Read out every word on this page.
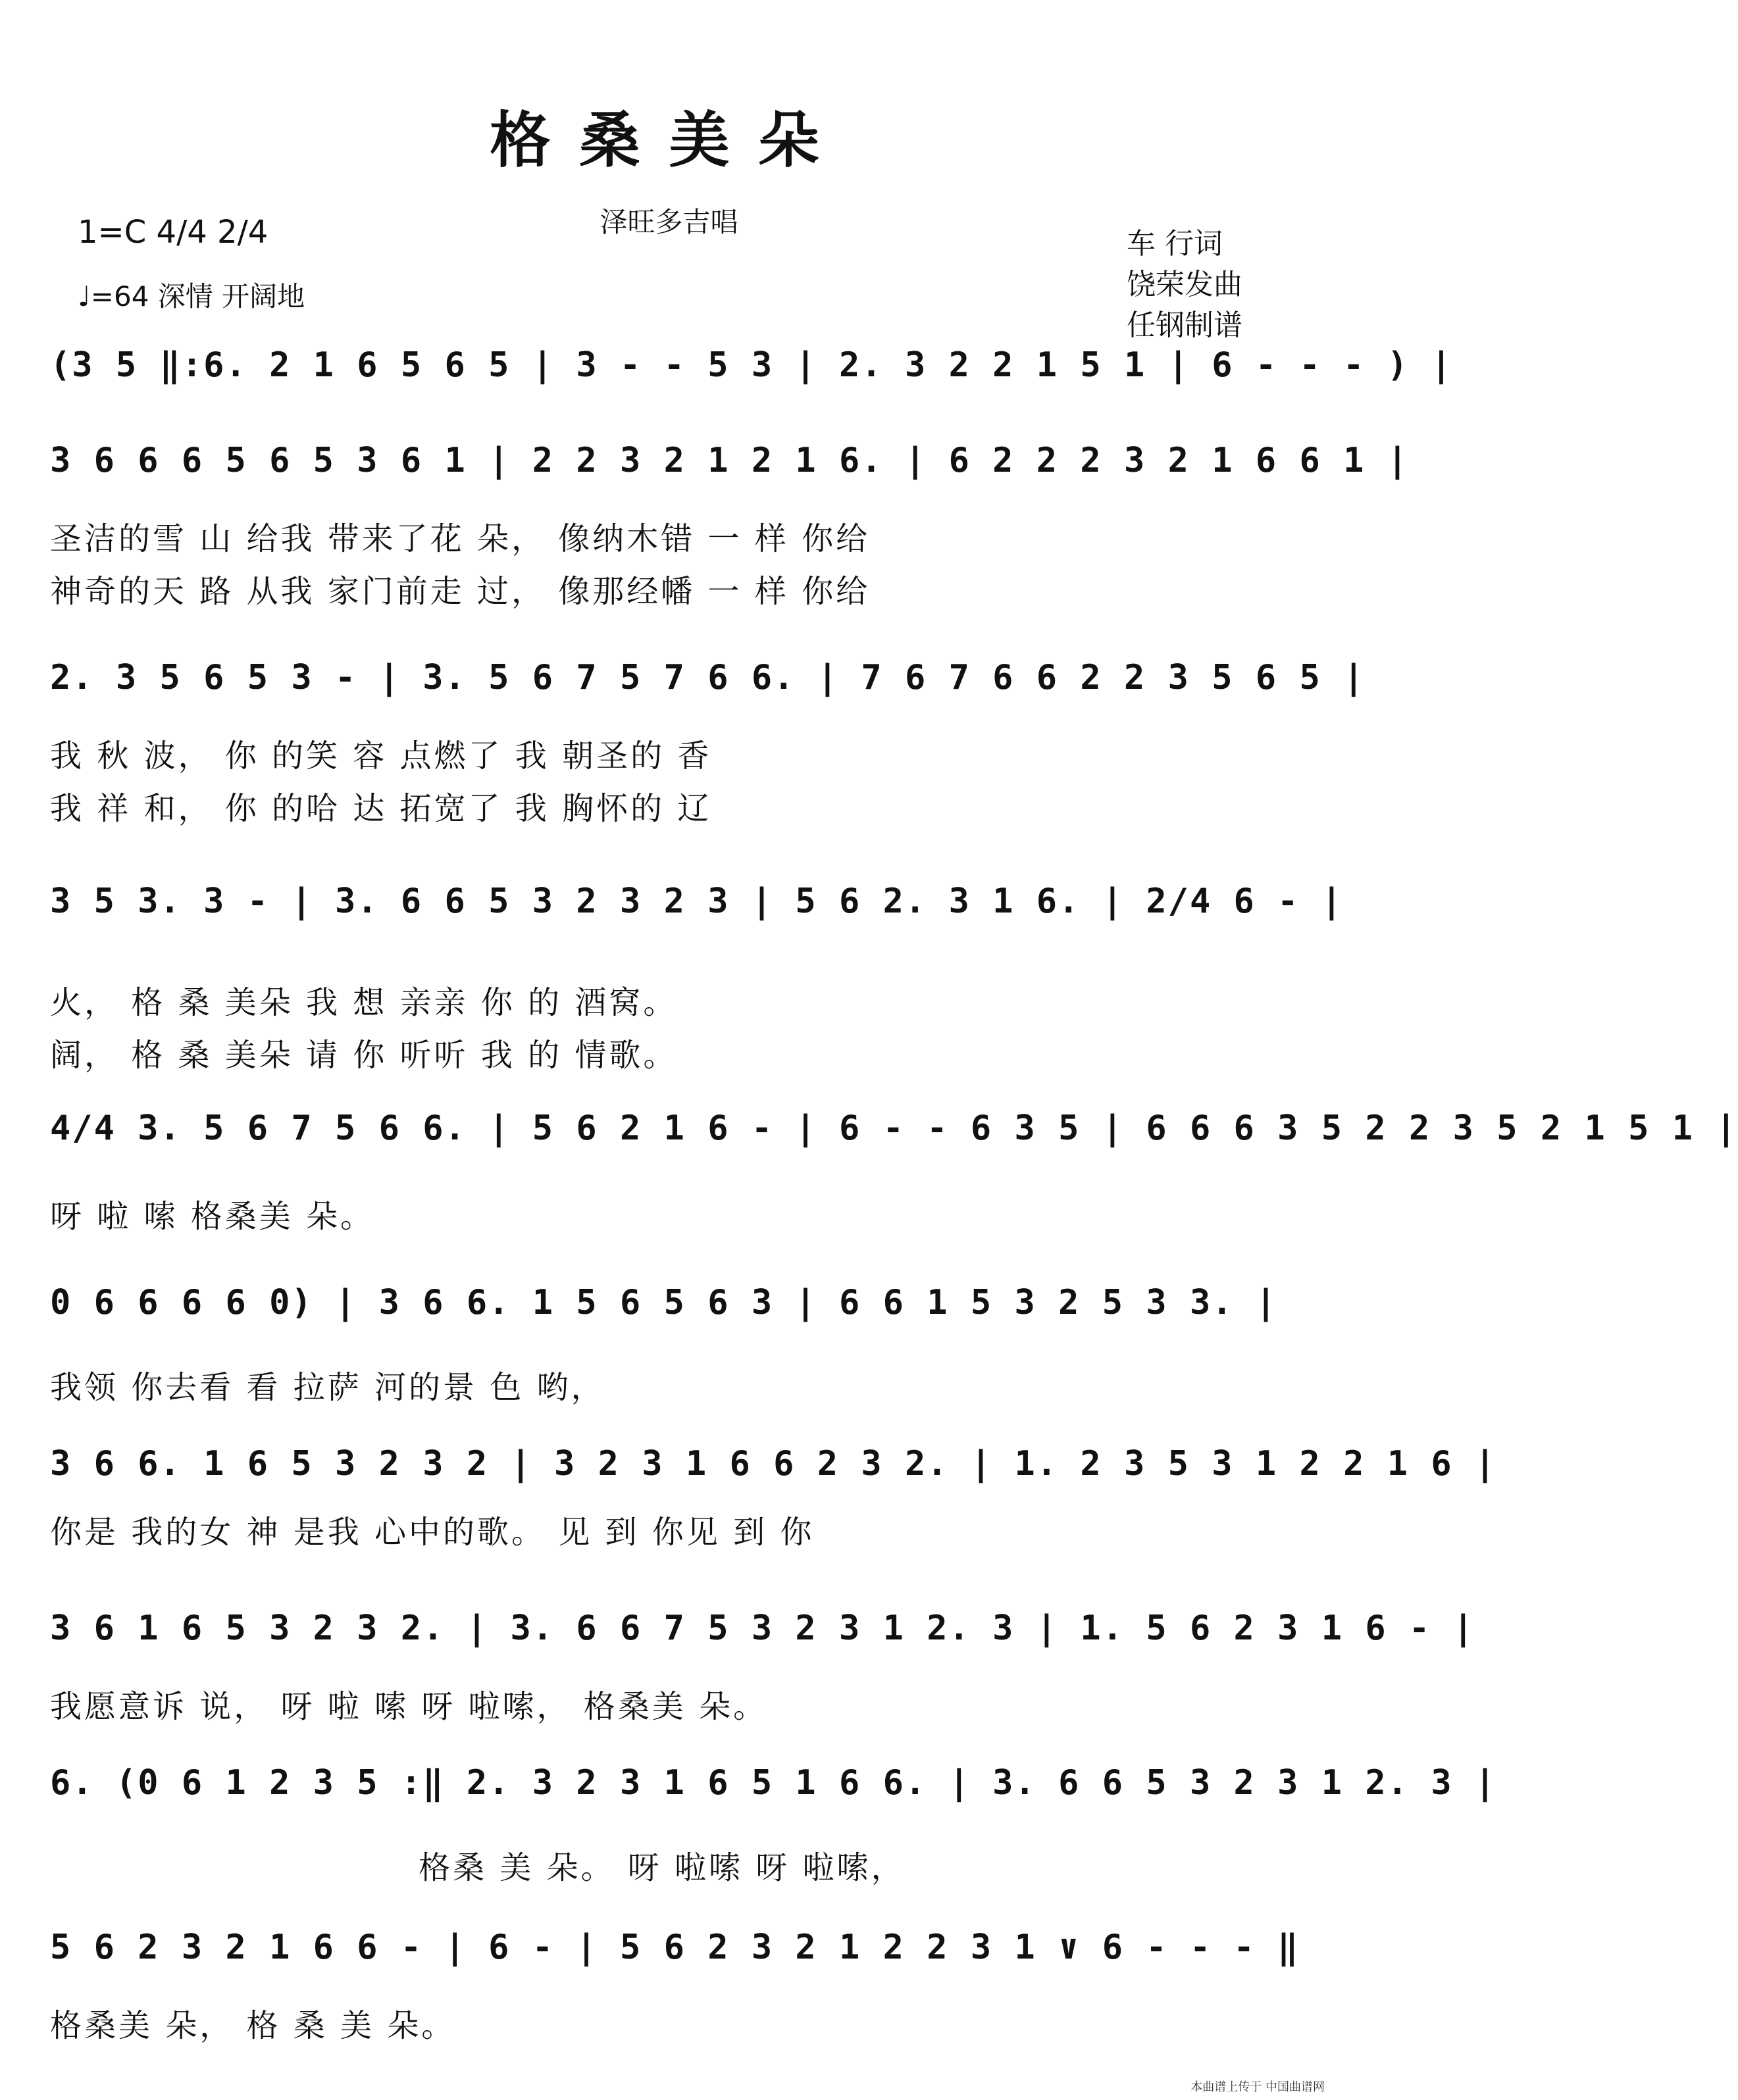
格桑美朵
泽旺多吉唱
1=C 4/4 2/4
♩=64 深情 开阔地
车 行词
饶荣发曲
任钢制谱
(3 5 ‖:6. 2 1 6 5 6 5 | 3 - - 5 3 | 2. 3 2 2 1 5 1 | 6 - - - ) |
3 6 6 6 5 6 5 3 6 1 | 2 2 3 2 1 2 1 6. | 6 2 2 2 3 2 1 6 6 1 |
圣洁的雪 山 给我 带来了花 朵， 像纳木错 一 样 你给
神奇的天 路 从我 家门前走 过， 像那经幡 一 样 你给
2. 3 5 6 5 3 - | 3. 5 6 7 5 7 6 6. | 7 6 7 6 6 2 2 3 5 6 5 |
我 秋 波， 你 的笑 容 点燃了 我 朝圣的 香
我 祥 和， 你 的哈 达 拓宽了 我 胸怀的 辽
3 5 3. 3 - | 3. 6 6 5 3 2 3 2 3 | 5 6 2. 3 1 6. | 2/4 6 - |
火， 格 桑 美朵 我 想 亲亲 你 的 酒窝。
阔， 格 桑 美朵 请 你 听听 我 的 情歌。
4/4 3. 5 6 7 5 6 6. | 5 6 2 1 6 - | 6 - - 6 3 5 | 6 6 6 3 5 2 2 3 5 2 1 5 1 |
呀 啦 嗦 格桑美 朵。
0 6 6 6 6 0) | 3 6 6. 1 5 6 5 6 3 | 6 6 1 5 3 2 5 3 3. |
我领 你去看 看 拉萨 河的景 色 哟，
3 6 6. 1 6 5 3 2 3 2 | 3 2 3 1 6 6 2 3 2. | 1. 2 3 5 3 1 2 2 1 6 |
你是 我的女 神 是我 心中的歌。 见 到 你见 到 你
3 6 1 6 5 3 2 3 2. | 3. 6 6 7 5 3 2 3 1 2. 3 | 1. 5 6 2 3 1 6 - |
我愿意诉 说， 呀 啦 嗦 呀 啦嗦， 格桑美 朵。
6. (0 6 1 2 3 5 :‖ 2. 3 2 3 1 6 5 1 6 6. | 3. 6 6 5 3 2 3 1 2. 3 |
格桑 美 朵。 呀 啦嗦 呀 啦嗦，
5 6 2 3 2 1 6 6 - | 6 - | 5 6 2 3 2 1 2 2 3 1 ∨ 6 - - - ‖
格桑美 朵， 格 桑 美 朵。
本曲谱上传于 中国曲谱网
